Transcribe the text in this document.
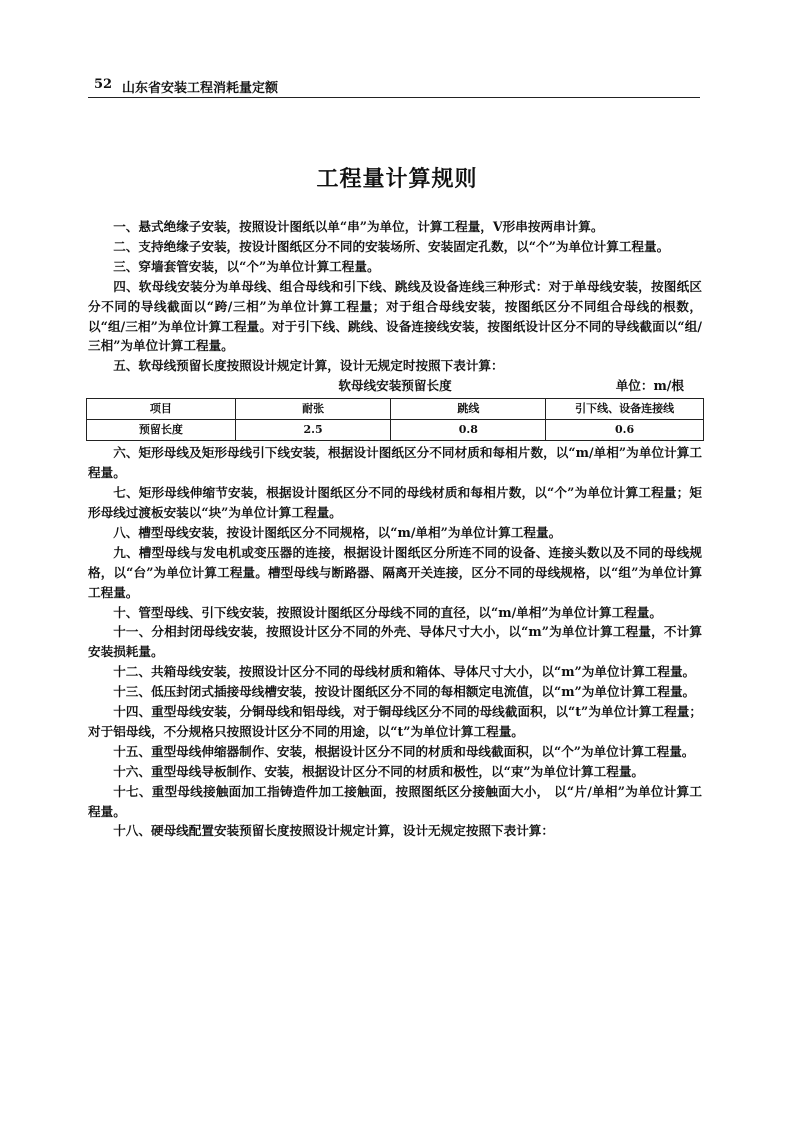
52 山东省安装工程消耗量定额
工程量计算规则

一、悬式绝缘子安装，按照设计图纸以单“串”为单位，计算工程量，V形串按两串计算。

二、支持绝缘子安装，按设计图纸区分不同的安装场所、安装固定孔数，以“个”为单位计算工程量。

三、穿墙套管安装，以“个”为单位计算工程量。

四、软母线安装分为单母线、组合母线和引下线、跳线及设备连线三种形式：对于单母线安装，按图纸区分不同的导线截面以“跨/三相”为单位计算工程量；对于组合母线安装，按图纸区分不同组合母线的根数，以“组/三相”为单位计算工程量。对于引下线、跳线、设备连接线安装，按图纸设计区分不同的导线截面以“组/三相”为单位计算工程量。

五、软母线预留长度按照设计规定计算，设计无规定时按照下表计算：

软母线安装预留长度	单位：m/根
项目	耐张	跳线	引下线、设备连接线
预留长度	2.5	0.8	0.6

六、矩形母线及矩形母线引下线安装，根据设计图纸区分不同材质和每相片数，以“m/单相”为单位计算工程量。

七、矩形母线伸缩节安装，根据设计图纸区分不同的母线材质和每相片数，以“个”为单位计算工程量；矩形母线过渡板安装以“块”为单位计算工程量。

八、槽型母线安装，按设计图纸区分不同规格，以“m/单相”为单位计算工程量。

九、槽型母线与发电机或变压器的连接，根据设计图纸区分所连不同的设备、连接头数以及不同的母线规格，以“台”为单位计算工程量。槽型母线与断路器、隔离开关连接，区分不同的母线规格，以“组”为单位计算工程量。

十、管型母线、引下线安装，按照设计图纸区分母线不同的直径，以“m/单相”为单位计算工程量。

十一、分相封闭母线安装，按照设计区分不同的外壳、导体尺寸大小，以“m”为单位计算工程量，不计算安装损耗量。

十二、共箱母线安装，按照设计区分不同的母线材质和箱体、导体尺寸大小，以“m”为单位计算工程量。

十三、低压封闭式插接母线槽安装，按设计图纸区分不同的每相额定电流值，以“m”为单位计算工程量。

十四、重型母线安装，分铜母线和铝母线，对于铜母线区分不同的母线截面积，以“t”为单位计算工程量；对于铝母线，不分规格只按照设计区分不同的用途，以“t”为单位计算工程量。

十五、重型母线伸缩器制作、安装，根据设计区分不同的材质和母线截面积，以“个”为单位计算工程量。

十六、重型母线导板制作、安装，根据设计区分不同的材质和极性，以“束”为单位计算工程量。

十七、重型母线接触面加工指铸造件加工接触面，按照图纸区分接触面大小， 以“片/单相”为单位计算工程量。

十八、硬母线配置安装预留长度按照设计规定计算，设计无规定按照下表计算：
